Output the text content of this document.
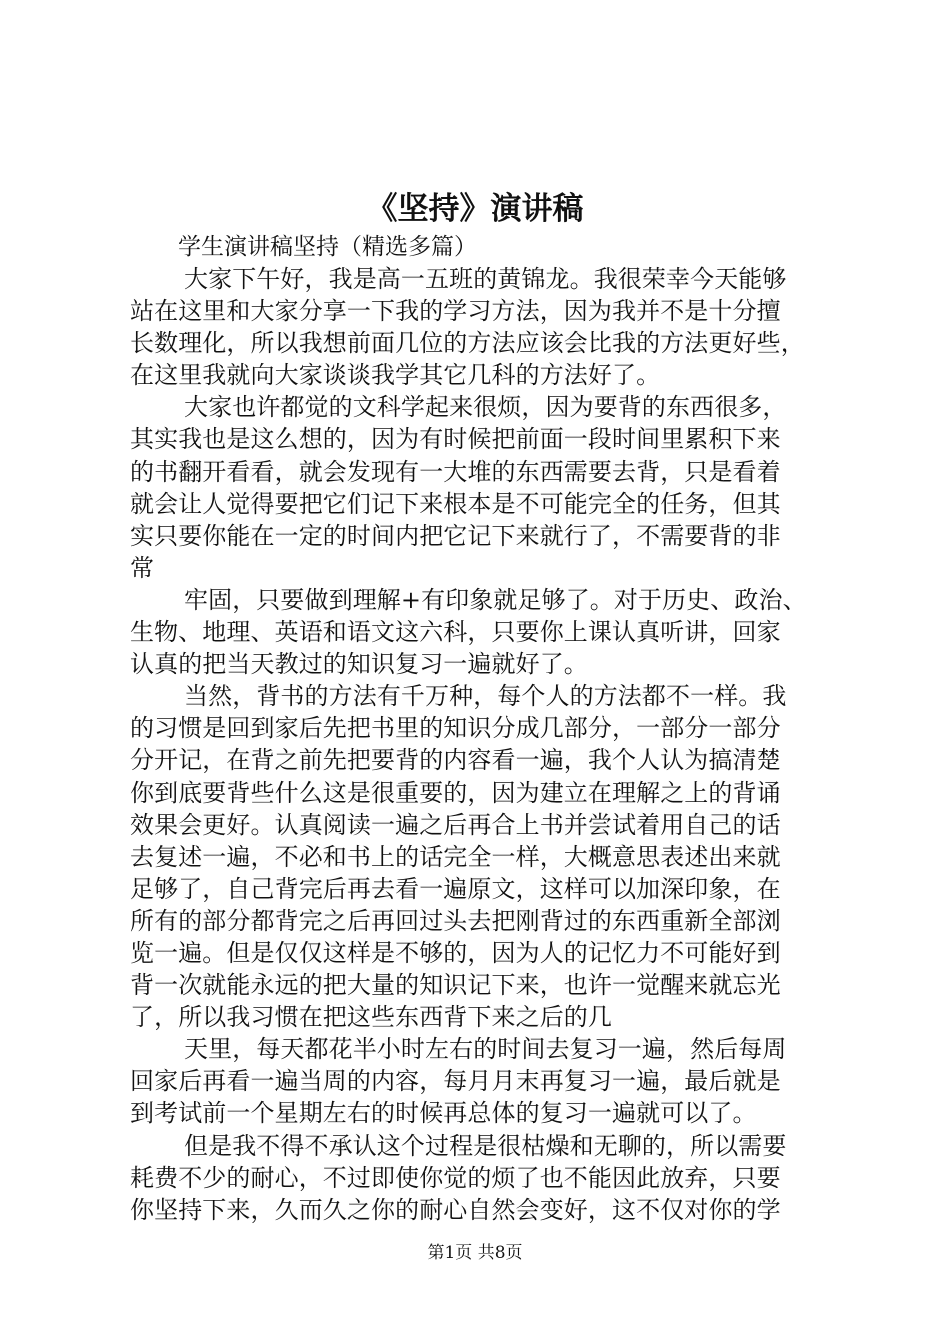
《坚持》演讲稿

学生演讲稿坚持（精选多篇）

大家下午好，我是高一五班的黄锦龙。我很荣幸今天能够
站在这里和大家分享一下我的学习方法，因为我并不是十分擅
长数理化，所以我想前面几位的方法应该会比我的方法更好些，
在这里我就向大家谈谈我学其它几科的方法好了。

大家也许都觉的文科学起来很烦，因为要背的东西很多，
其实我也是这么想的，因为有时候把前面一段时间里累积下来
的书翻开看看，就会发现有一大堆的东西需要去背，只是看着
就会让人觉得要把它们记下来根本是不可能完全的任务，但其
实只要你能在一定的时间内把它记下来就行了，不需要背的非
常

牢固，只要做到理解+有印象就足够了。对于历史、政治、
生物、地理、英语和语文这六科，只要你上课认真听讲，回家
认真的把当天教过的知识复习一遍就好了。

当然，背书的方法有千万种，每个人的方法都不一样。我
的习惯是回到家后先把书里的知识分成几部分，一部分一部分
分开记，在背之前先把要背的内容看一遍，我个人认为搞清楚
你到底要背些什么这是很重要的，因为建立在理解之上的背诵
效果会更好。认真阅读一遍之后再合上书并尝试着用自己的话
去复述一遍，不必和书上的话完全一样，大概意思表述出来就
足够了，自己背完后再去看一遍原文，这样可以加深印象，在
所有的部分都背完之后再回过头去把刚背过的东西重新全部浏
览一遍。但是仅仅这样是不够的，因为人的记忆力不可能好到
背一次就能永远的把大量的知识记下来，也许一觉醒来就忘光
了，所以我习惯在把这些东西背下来之后的几

天里，每天都花半小时左右的时间去复习一遍，然后每周
回家后再看一遍当周的内容，每月月末再复习一遍，最后就是
到考试前一个星期左右的时候再总体的复习一遍就可以了。

但是我不得不承认这个过程是很枯燥和无聊的，所以需要
耗费不少的耐心，不过即使你觉的烦了也不能因此放弃，只要
你坚持下来，久而久之你的耐心自然会变好，这不仅对你的学

第1页 共8页
